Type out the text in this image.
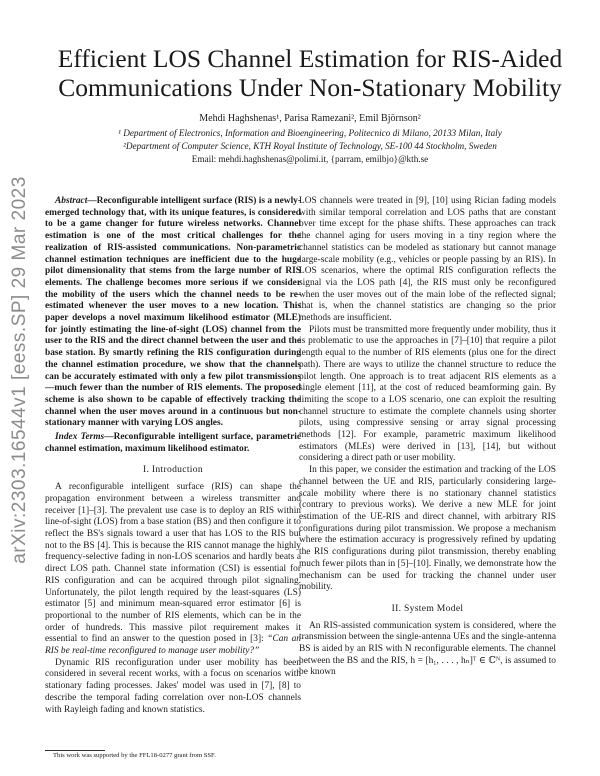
arXiv:2303.16544v1 [eess.SP] 29 Mar 2023
Efficient LOS Channel Estimation for RIS-Aided
Communications Under Non-Stationary Mobility
Mehdi Haghshenas¹, Parisa Ramezani², Emil Björnson²
¹ Department of Electronics, Information and Bioengineering, Politecnico di Milano, 20133 Milan, Italy
²Department of Computer Science, KTH Royal Institute of Technology, SE-100 44 Stockholm, Sweden
Email: mehdi.haghshenas@polimi.it, {parram, emilbjo}@kth.se

Abstract—Reconfigurable intelligent surface (RIS) is a newly-emerged technology that, with its unique features, is considered to be a game changer for future wireless networks. Channel estimation is one of the most critical challenges for the realization of RIS-assisted communications. Non-parametric channel estimation techniques are inefficient due to the huge pilot dimensionality that stems from the large number of RIS elements. The challenge becomes more serious if we consider the mobility of the users which the channel needs to be re-estimated whenever the user moves to a new location. This paper develops a novel maximum likelihood estimator (MLE) for jointly estimating the line-of-sight (LOS) channel from the user to the RIS and the direct channel between the user and the base station. By smartly refining the RIS configuration during the channel estimation procedure, we show that the channels can be accurately estimated with only a few pilot transmissions—much fewer than the number of RIS elements. The proposed scheme is also shown to be capable of effectively tracking the channel when the user moves around in a continuous but non-stationary manner with varying LOS angles.

Index Terms—Reconfigurable intelligent surface, parametric channel estimation, maximum likelihood estimator.

I. Introduction

A reconfigurable intelligent surface (RIS) can shape the propagation environment between a wireless transmitter and receiver [1]–[3]. The prevalent use case is to deploy an RIS within line-of-sight (LOS) from a base station (BS) and then configure it to reflect the BS's signals toward a user that has LOS to the RIS but not to the BS [4]. This is because the RIS cannot manage the highly frequency-selective fading in non-LOS scenarios and hardly beats a direct LOS path. Channel state information (CSI) is essential for RIS configuration and can be acquired through pilot signaling. Unfortunately, the pilot length required by the least-squares (LS) estimator [5] and minimum mean-squared error estimator [6] is proportional to the number of RIS elements, which can be in the order of hundreds. This massive pilot requirement makes it essential to find an answer to the question posed in [3]: “Can an RIS be real-time reconfigured to manage user mobility?”

Dynamic RIS reconfiguration under user mobility has been considered in several recent works, with a focus on scenarios with stationary fading processes. Jakes' model was used in [7], [8] to describe the temporal fading correlation over non-LOS channels with Rayleigh fading and known statistics.

This work was supported by the FFL18-0277 grant from SSF.

LOS channels were treated in [9], [10] using Rician fading models with similar temporal correlation and LOS paths that are constant over time except for the phase shifts. These approaches can track the channel aging for users moving in a tiny region where the channel statistics can be modeled as stationary but cannot manage large-scale mobility (e.g., vehicles or people passing by an RIS). In LOS scenarios, where the optimal RIS configuration reflects the signal via the LOS path [4], the RIS must only be reconfigured when the user moves out of the main lobe of the reflected signal; that is, when the channel statistics are changing so the prior methods are insufficient.

Pilots must be transmitted more frequently under mobility, thus it is problematic to use the approaches in [7]–[10] that require a pilot length equal to the number of RIS elements (plus one for the direct path). There are ways to utilize the channel structure to reduce the pilot length. One approach is to treat adjacent RIS elements as a single element [11], at the cost of reduced beamforming gain. By limiting the scope to a LOS scenario, one can exploit the resulting channel structure to estimate the complete channels using shorter pilots, using compressive sensing or array signal processing methods [12]. For example, parametric maximum likelihood estimators (MLEs) were derived in [13], [14], but without considering a direct path or user mobility.

In this paper, we consider the estimation and tracking of the LOS channel between the UE and RIS, particularly considering large-scale mobility where there is no stationary channel statistics (contrary to previous works). We derive a new MLE for joint estimation of the UE-RIS and direct channel, with arbitrary RIS configurations during pilot transmission. We propose a mechanism where the estimation accuracy is progressively refined by updating the RIS configurations during pilot transmission, thereby enabling much fewer pilots than in [5]–[10]. Finally, we demonstrate how the mechanism can be used for tracking the channel under user mobility.

II. System Model

An RIS-assisted communication system is considered, where the transmission between the single-antenna UEs and the single-antenna BS is aided by an RIS with N reconfigurable elements. The channel between the BS and the RIS, h = [h₁, . . . , hₙ]ᵀ ∈ ℂᴺ, is assumed to be known
